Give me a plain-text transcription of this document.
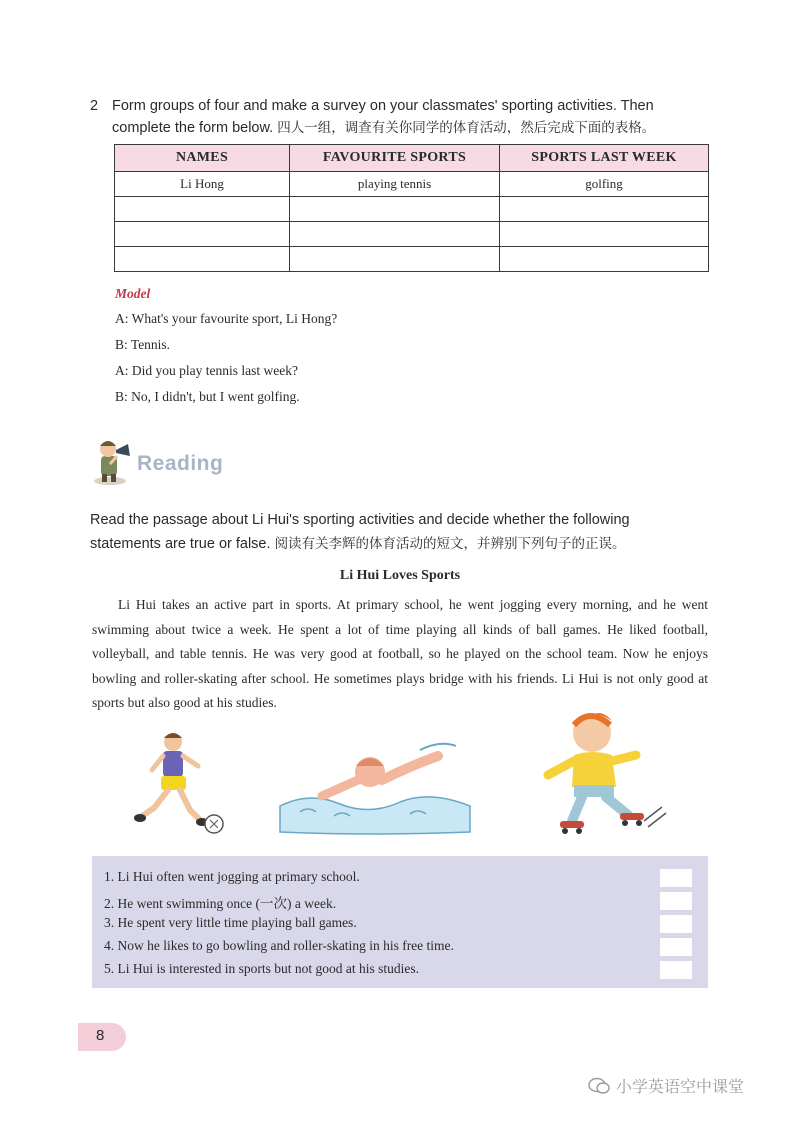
2 Form groups of four and make a survey on your classmates' sporting activities. Then
complete the form below. 四人一组，调查有关你同学的体育活动，然后完成下面的表格。
NAMES	FAVOURITE SPORTS	SPORTS LAST WEEK
Li Hong	playing tennis	golfing

Model
A: What's your favourite sport, Li Hong?
B: Tennis.
A: Did you play tennis last week?
B: No, I didn't, but I went golfing.
Reading
Read the passage about Li Hui's sporting activities and decide whether the following
statements are true or false. 阅读有关李辉的体育活动的短文，并辨别下列句子的正误。
Li Hui Loves Sports
Li Hui takes an active part in sports. At primary school, he went jogging every morning, and he went swimming about twice a week. He spent a lot of time playing all kinds of ball games. He liked football, volleyball, and table tennis. He was very good at football, so he played on the school team. Now he enjoys bowling and roller-skating after school. He sometimes plays bridge with his friends. Li Hui is not only good at sports but also good at his studies.
1. Li Hui often went jogging at primary school.
2. He went swimming once (一次) a week.
3. He spent very little time playing ball games.
4. Now he likes to go bowling and roller-skating in his free time.
5. Li Hui is interested in sports but not good at his studies.
8
小学英语空中课堂
